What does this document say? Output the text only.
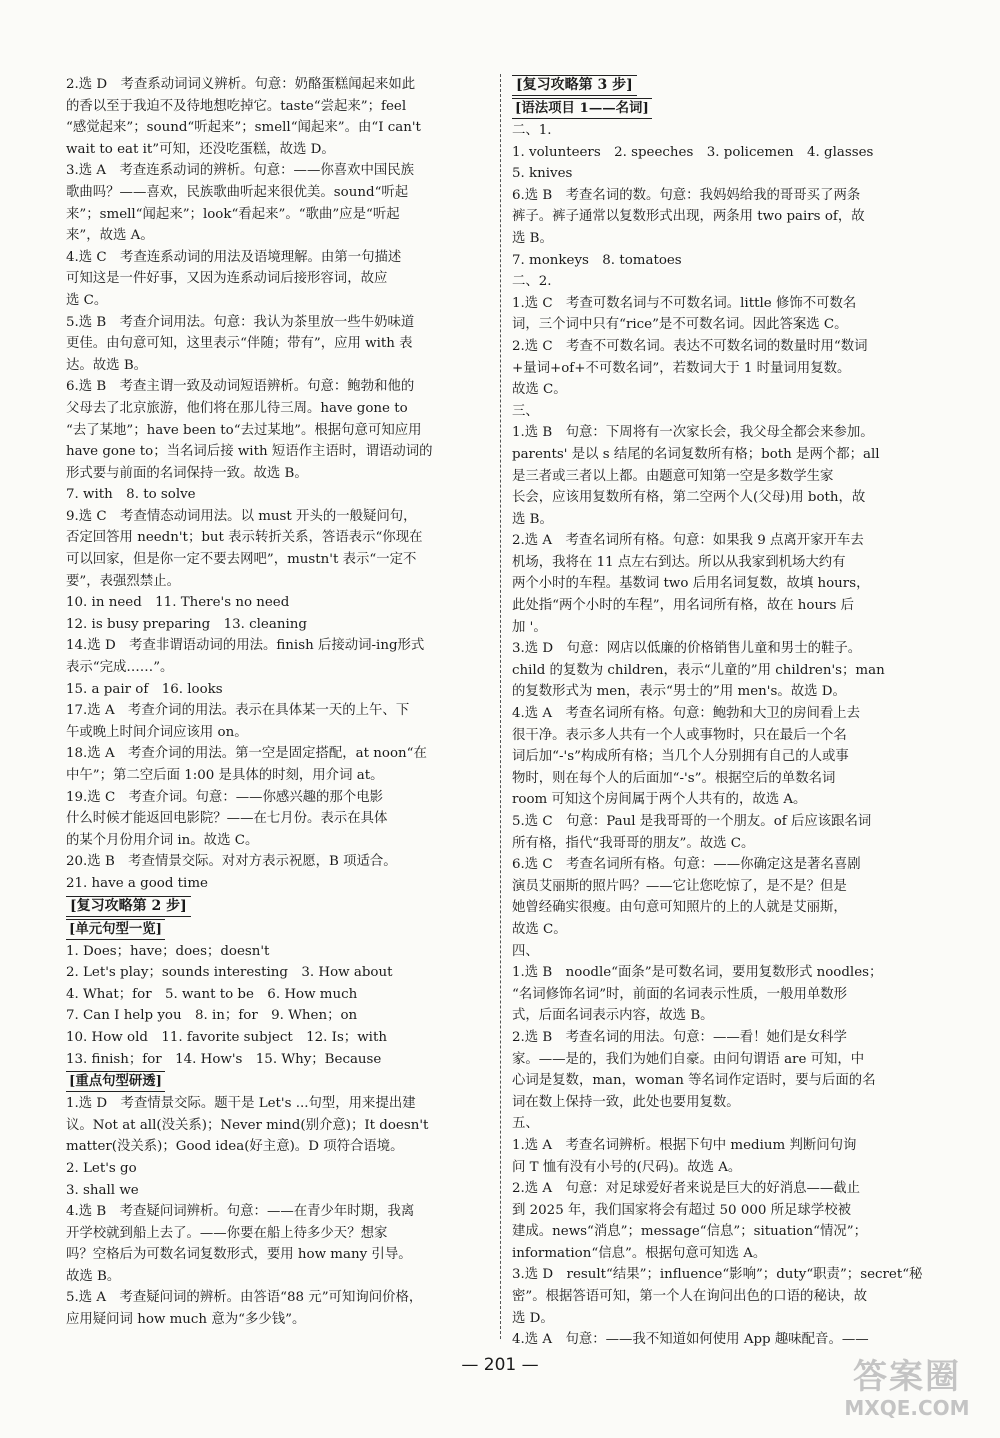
2.选 D　考查系动词词义辨析。句意：奶酪蛋糕闻起来如此
的香以至于我迫不及待地想吃掉它。taste“尝起来”；feel
“感觉起来”；sound“听起来”；smell“闻起来”。由“I can't
wait to eat it”可知，还没吃蛋糕，故选 D。
3.选 A　考查连系动词的辨析。句意：——你喜欢中国民族
歌曲吗？——喜欢，民族歌曲听起来很优美。sound“听起
来”；smell“闻起来”；look“看起来”。“歌曲”应是“听起
来”，故选 A。
4.选 C　考查连系动词的用法及语境理解。由第一句描述
可知这是一件好事，又因为连系动词后接形容词，故应
选 C。
5.选 B　考查介词用法。句意：我认为茶里放一些牛奶味道
更佳。由句意可知，这里表示“伴随；带有”，应用 with 表
达。故选 B。
6.选 B　考查主谓一致及动词短语辨析。句意：鲍勃和他的
父母去了北京旅游，他们将在那儿待三周。have gone to
“去了某地”；have been to“去过某地”。根据句意可知应用
have gone to；当名词后接 with 短语作主语时，谓语动词的
形式要与前面的名词保持一致。故选 B。
7. with　8. to solve
9.选 C　考查情态动词用法。以 must 开头的一般疑问句，
否定回答用 needn't；but 表示转折关系，答语表示“你现在
可以回家，但是你一定不要去网吧”，mustn't 表示“一定不
要”，表强烈禁止。
10. in need　11. There's no need
12. is busy preparing　13. cleaning
14.选 D　考查非谓语动词的用法。finish 后接动词-ing形式
表示“完成……”。
15. a pair of　16. looks
17.选 A　考查介词的用法。表示在具体某一天的上午、下
午或晚上时间介词应该用 on。
18.选 A　考查介词的用法。第一空是固定搭配，at noon“在
中午”；第二空后面 1:00 是具体的时刻，用介词 at。
19.选 C　考查介词。句意：——你感兴趣的那个电影
什么时候才能返回电影院？——在七月份。表示在具体
的某个月份用介词 in。故选 C。
20.选 B　考查情景交际。对对方表示祝愿，B 项适合。
21. have a good time
[复习攻略第 2 步]
[单元句型一览]
1. Does；have；does；doesn't
2. Let's play；sounds interesting　3. How about
4. What；for　5. want to be　6. How much
7. Can I help you　8. in；for　9. When；on
10. How old　11. favorite subject　12. Is；with
13. finish；for　14. How's　15. Why；Because
[重点句型研透]
1.选 D　考查情景交际。题干是 Let's ...句型，用来提出建
议。Not at all(没关系)；Never mind(别介意)；It doesn't
matter(没关系)；Good idea(好主意)。D 项符合语境。
2. Let's go
3. shall we
4.选 B　考查疑问词辨析。句意：——在青少年时期，我离
开学校就到船上去了。——你要在船上待多少天？想家
吗？空格后为可数名词复数形式，要用 how many 引导。
故选 B。
5.选 A　考查疑问词的辨析。由答语“88 元”可知询问价格，
应用疑问词 how much 意为“多少钱”。
[复习攻略第 3 步]
[语法项目 1——名词]
二、1.
1. volunteers　2. speeches　3. policemen　4. glasses
5. knives
6.选 B　考查名词的数。句意：我妈妈给我的哥哥买了两条
裤子。裤子通常以复数形式出现，两条用 two pairs of，故
选 B。
7. monkeys　8. tomatoes
二、2.
1.选 C　考查可数名词与不可数名词。little 修饰不可数名
词，三个词中只有“rice”是不可数名词。因此答案选 C。
2.选 C　考查不可数名词。表达不可数名词的数量时用“数词
+量词+of+不可数名词”，若数词大于 1 时量词用复数。
故选 C。
三、
1.选 B　句意：下周将有一次家长会，我父母全都会来参加。
parents' 是以 s 结尾的名词复数所有格；both 是两个都；all
是三者或三者以上都。由题意可知第一空是多数学生家
长会，应该用复数所有格，第二空两个人(父母)用 both，故
选 B。
2.选 A　考查名词所有格。句意：如果我 9 点离开家开车去
机场，我将在 11 点左右到达。所以从我家到机场大约有
两个小时的车程。基数词 two 后用名词复数，故填 hours，
此处指“两个小时的车程”，用名词所有格，故在 hours 后
加 '。
3.选 D　句意：网店以低廉的价格销售儿童和男士的鞋子。
child 的复数为 children，表示“儿童的”用 children's；man
的复数形式为 men，表示“男士的”用 men's。故选 D。
4.选 A　考查名词所有格。句意：鲍勃和大卫的房间看上去
很干净。表示多人共有一个人或事物时，只在最后一个名
词后加“-'s”构成所有格；当几个人分别拥有自己的人或事
物时，则在每个人的后面加“-'s”。根据空后的单数名词
room 可知这个房间属于两个人共有的，故选 A。
5.选 C　句意：Paul 是我哥哥的一个朋友。of 后应该跟名词
所有格，指代“我哥哥的朋友”。故选 C。
6.选 C　考查名词所有格。句意：——你确定这是著名喜剧
演员艾丽斯的照片吗？——它让您吃惊了，是不是？但是
她曾经确实很瘦。由句意可知照片的上的人就是艾丽斯，
故选 C。
四、
1.选 B　noodle“面条”是可数名词，要用复数形式 noodles；
“名词修饰名词”时，前面的名词表示性质，一般用单数形
式，后面名词表示内容，故选 B。
2.选 B　考查名词的用法。句意：——看！她们是女科学
家。——是的，我们为她们自豪。由问句谓语 are 可知，中
心词是复数，man，woman 等名词作定语时，要与后面的名
词在数上保持一致，此处也要用复数。
五、
1.选 A　考查名词辨析。根据下句中 medium 判断问句询
问 T 恤有没有小号的(尺码)。故选 A。
2.选 A　句意：对足球爱好者来说是巨大的好消息——截止
到 2025 年，我们国家将会有超过 50 000 所足球学校被
建成。news“消息”；message“信息”；situation“情况”；
information“信息”。根据句意可知选 A。
3.选 D　result“结果”；influence“影响”；duty“职责”；secret“秘
密”。根据答语可知，第一个人在询问出色的口语的秘诀，故
选 D。
4.选 A　句意：——我不知道如何使用 App 趣味配音。——
— 201 —	答案圈
MXQE.COM
